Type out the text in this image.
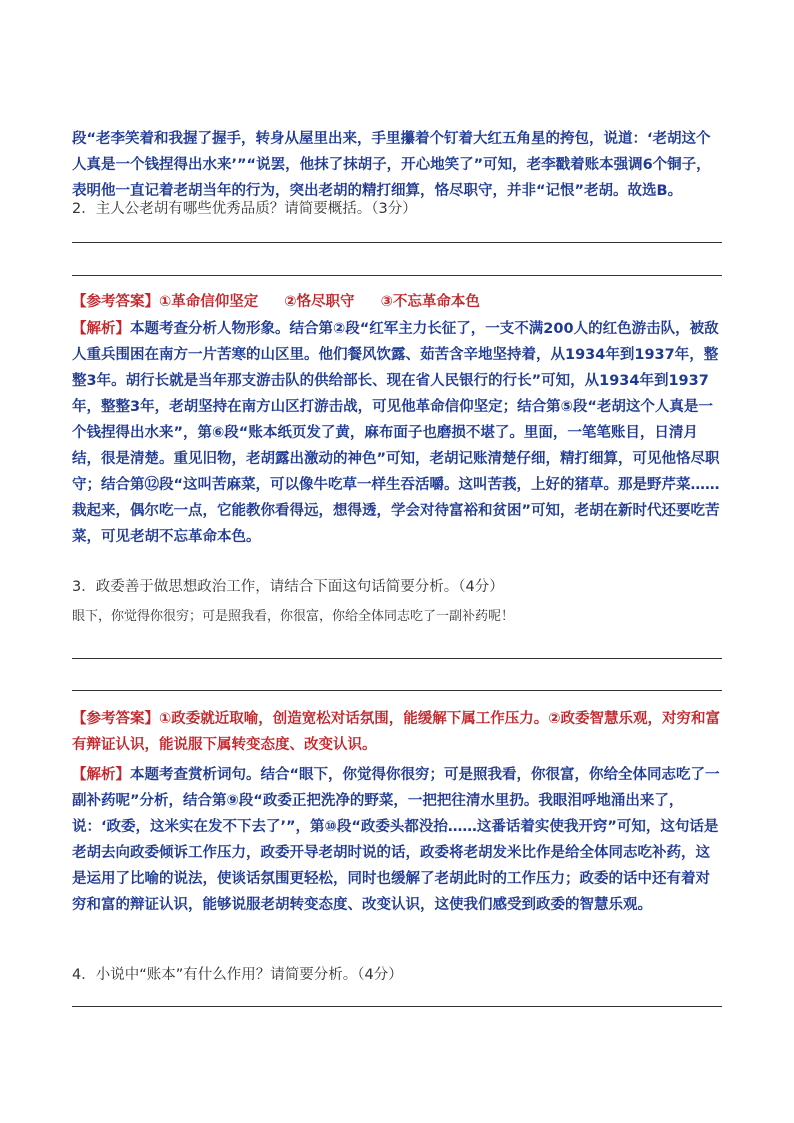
段“老李笑着和我握了握手，转身从屋里出来，手里攥着个钉着大红五角星的挎包，说道：‘老胡这个人真是一个钱捏得出水来’”“说罢，他抹了抹胡子，开心地笑了”可知，老李戳着账本强调6个铜子，表明他一直记着老胡当年的行为，突出老胡的精打细算，恪尽职守，并非“记恨”老胡。故选B。
2．主人公老胡有哪些优秀品质？请简要概括。（3分）
【参考答案】①革命信仰坚定 ②恪尽职守 ③不忘革命本色
【解析】本题考查分析人物形象。结合第②段“红军主力长征了，一支不满200人的红色游击队，被敌人重兵围困在南方一片苦寒的山区里。他们餐风饮露、茹苦含辛地坚持着，从1934年到1937年，整整3年。胡行长就是当年那支游击队的供给部长、现在省人民银行的行长”可知，从1934年到1937年，整整3年，老胡坚持在南方山区打游击战，可见他革命信仰坚定；结合第⑤段“老胡这个人真是一个钱捏得出水来”，第⑥段“账本纸页发了黄，麻布面子也磨损不堪了。里面，一笔笔账目，日清月结，很是清楚。重见旧物，老胡露出激动的神色”可知，老胡记账清楚仔细，精打细算，可见他恪尽职守；结合第⑫段“这叫苦麻菜，可以像牛吃草一样生吞活嚼。这叫苦莪，上好的猪草。那是野芹菜……栽起来，偶尔吃一点，它能教你看得远，想得透，学会对待富裕和贫困”可知，老胡在新时代还要吃苦菜，可见老胡不忘革命本色。
3．政委善于做思想政治工作，请结合下面这句话简要分析。（4分）
眼下，你觉得你很穷；可是照我看，你很富，你给全体同志吃了一副补药呢！
【参考答案】①政委就近取喻，创造宽松对话氛围，能缓解下属工作压力。②政委智慧乐观，对穷和富有辩证认识，能说服下属转变态度、改变认识。
【解析】本题考查赏析词句。结合“眼下，你觉得你很穷；可是照我看，你很富，你给全体同志吃了一副补药呢”分析，结合第⑨段“政委正把洗净的野菜，一把把往清水里扔。我眼泪呼地涌出来了，说：‘政委，这米实在发不下去了’”，第⑩段“政委头都没抬……这番话着实使我开窍”可知，这句话是老胡去向政委倾诉工作压力，政委开导老胡时说的话，政委将老胡发米比作是给全体同志吃补药，这是运用了比喻的说法，使谈话氛围更轻松，同时也缓解了老胡此时的工作压力；政委的话中还有着对穷和富的辩证认识，能够说服老胡转变态度、改变认识，这使我们感受到政委的智慧乐观。
4．小说中“账本”有什么作用？请简要分析。（4分）
